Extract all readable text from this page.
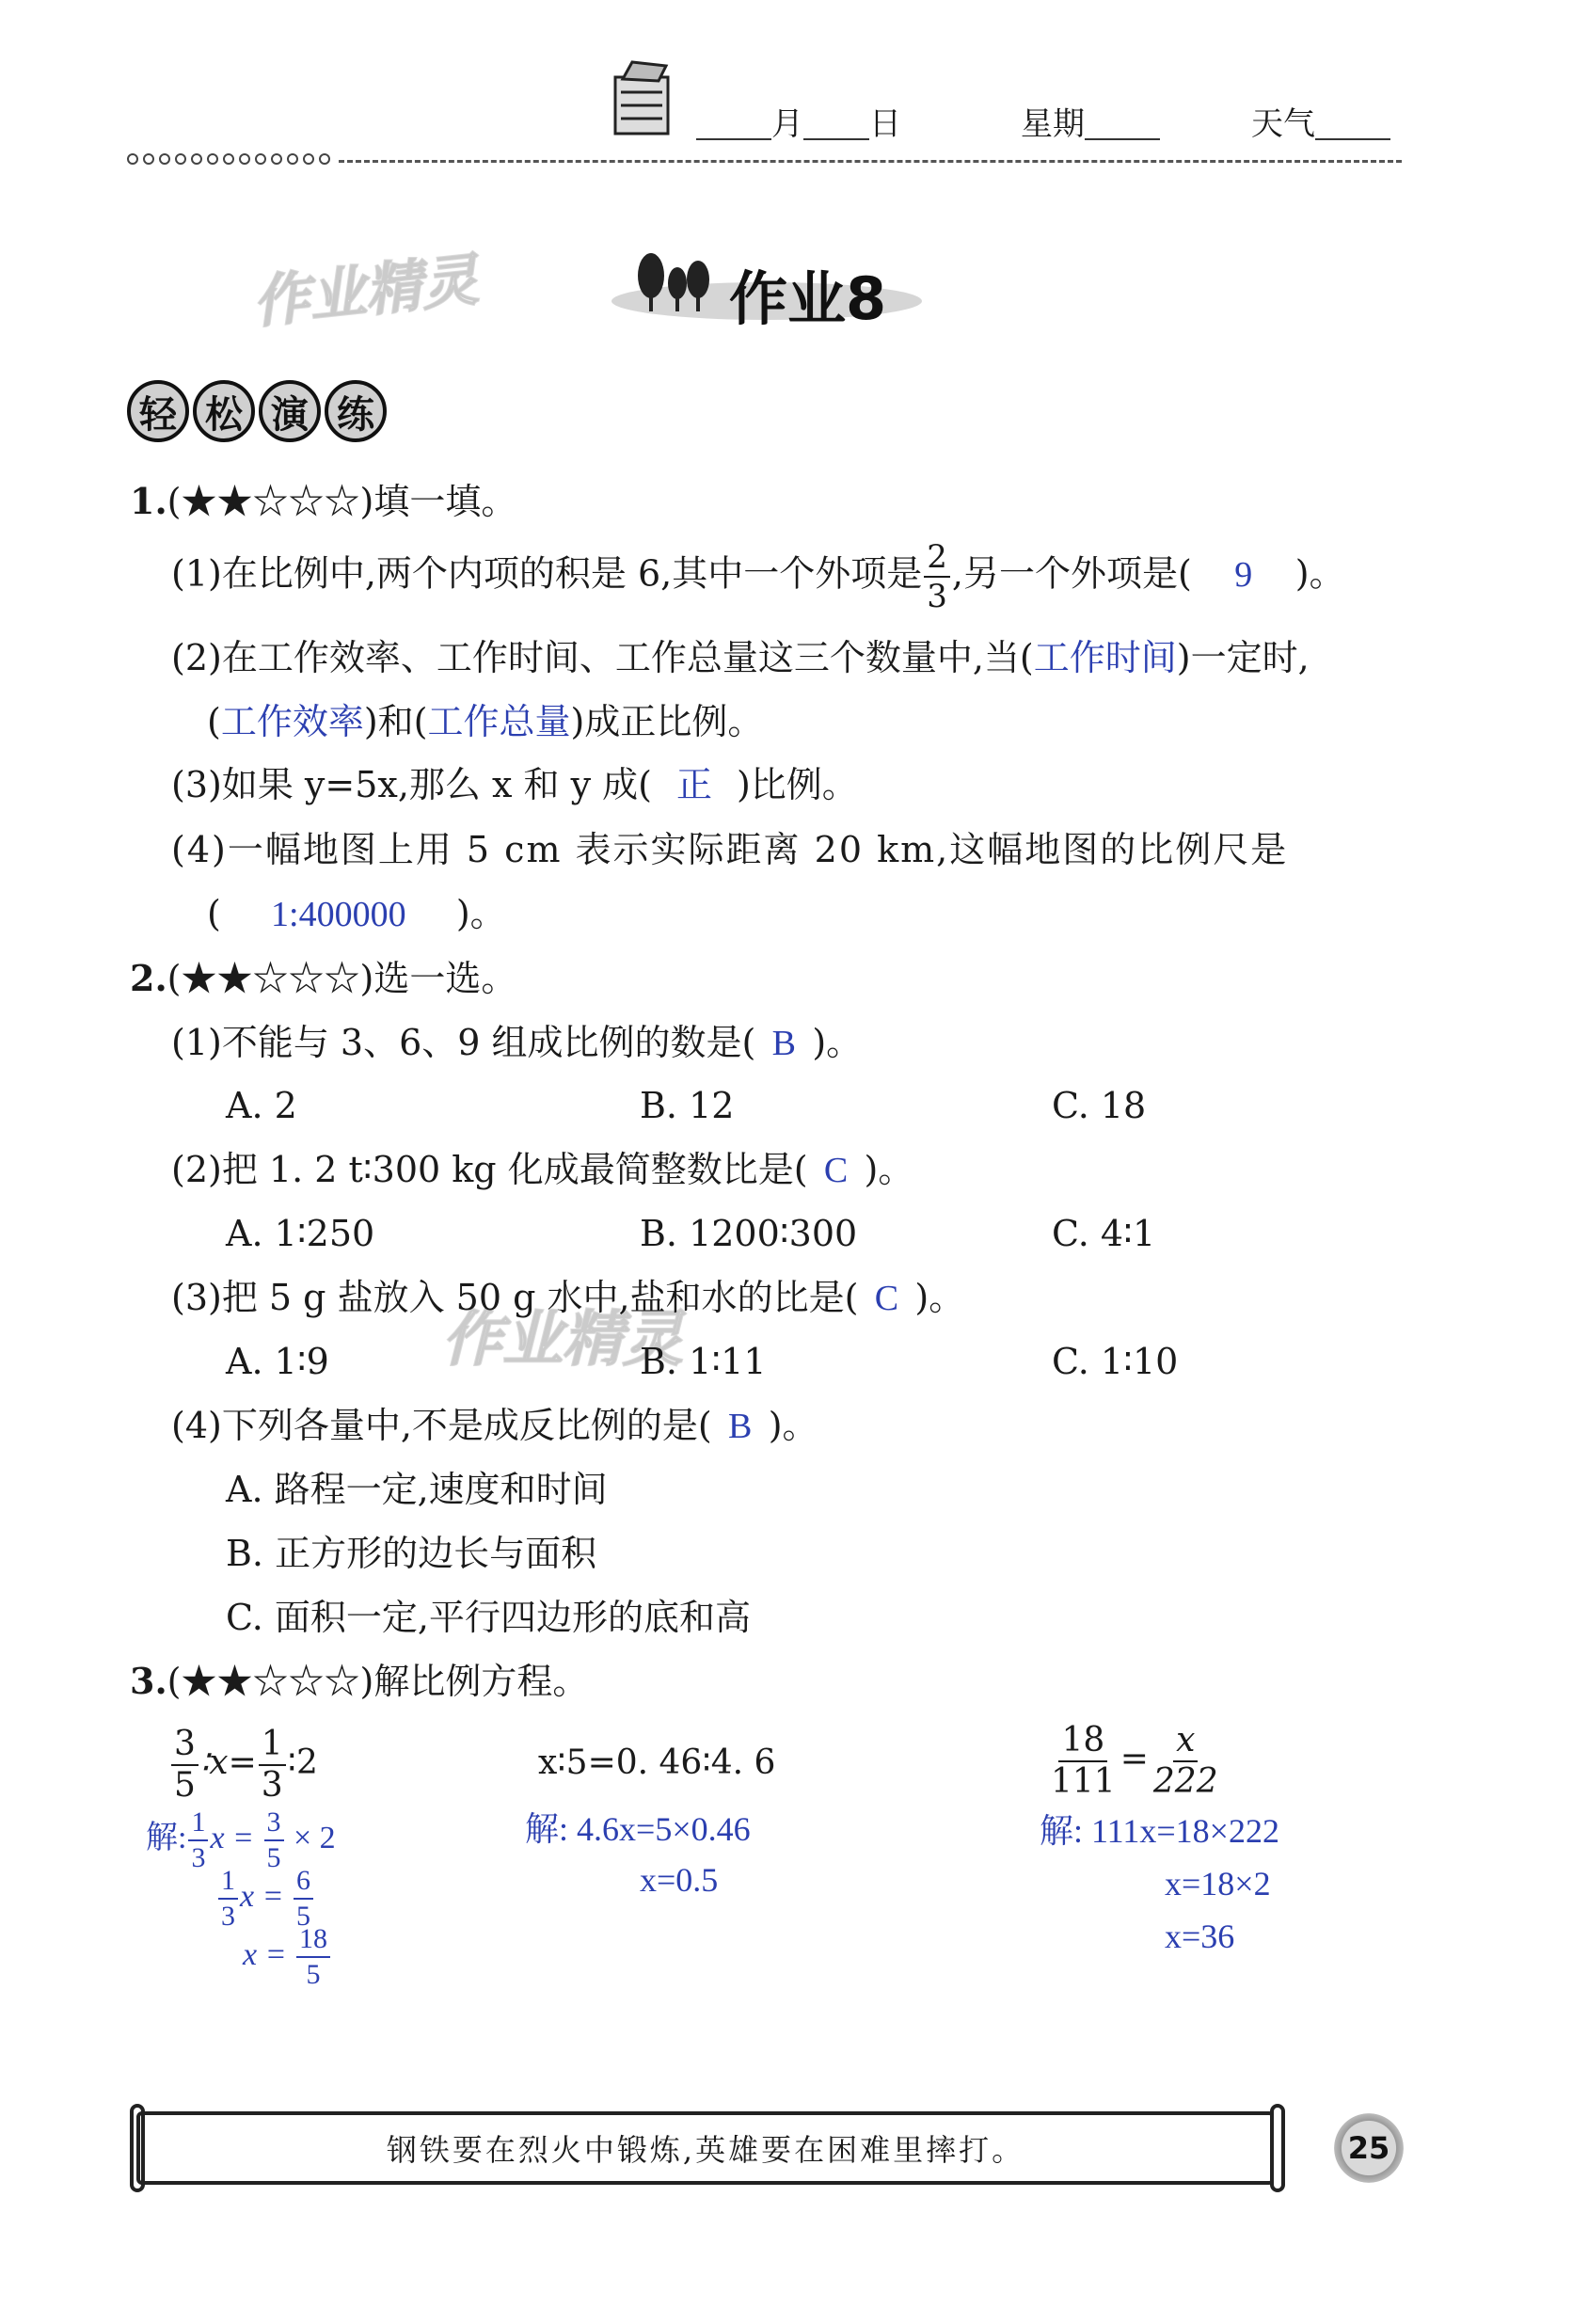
月 日	星期	天气
作业精灵
作业精灵
作业8
轻 松 演 练
1.(★★☆☆☆)填一填。
(1)在比例中,两个内项的积是 6,其中一个外项是 $\frac{2}{3}$ ,另一个外项是( 9 )。
(2)在工作效率、工作时间、工作总量这三个数量中,当(工作时间)一定时,
(工作效率)和(工作总量)成正比例。
(3)如果 y=5x,那么 x 和 y 成( 正 )比例。
(4)一幅地图上用 5 cm 表示实际距离 20 km,这幅地图的比例尺是
( 1:400000 )。
2.(★★☆☆☆)选一选。
(1)不能与 3、6、9 组成比例的数是( B )。
A. 2	B. 12	C. 18
(2)把 1. 2 t∶300 kg 化成最简整数比是( C )。
A. 1∶250	B. 1200∶300	C. 4∶1
(3)把 5 g 盐放入 50 g 水中,盐和水的比是( C )。
A. 1∶9	B. 1∶11	C. 1∶10
(4)下列各量中,不是成反比例的是( B )。
A. 路程一定,速度和时间
B. 正方形的边长与面积
C. 面积一定,平行四边形的底和高
3.(★★☆☆☆)解比例方程。
$\frac{3}{5}$ ∶x= $\frac{1}{3}$ ∶2	x∶5=0. 46∶4. 6	$\frac{18}{111} = \frac{x}{222}$
解: $\frac{1}{3}$ $x = \frac{3}{5} \times 2$
$\frac{1}{3}$ $x = \frac{6}{5}$
$x = \frac{18}{5}$
解: 4.6x=5×0.46
x=0.5
解: 111x=18×222
x=18×2
x=36
钢铁要在烈火中锻炼,英雄要在困难里摔打。	25
